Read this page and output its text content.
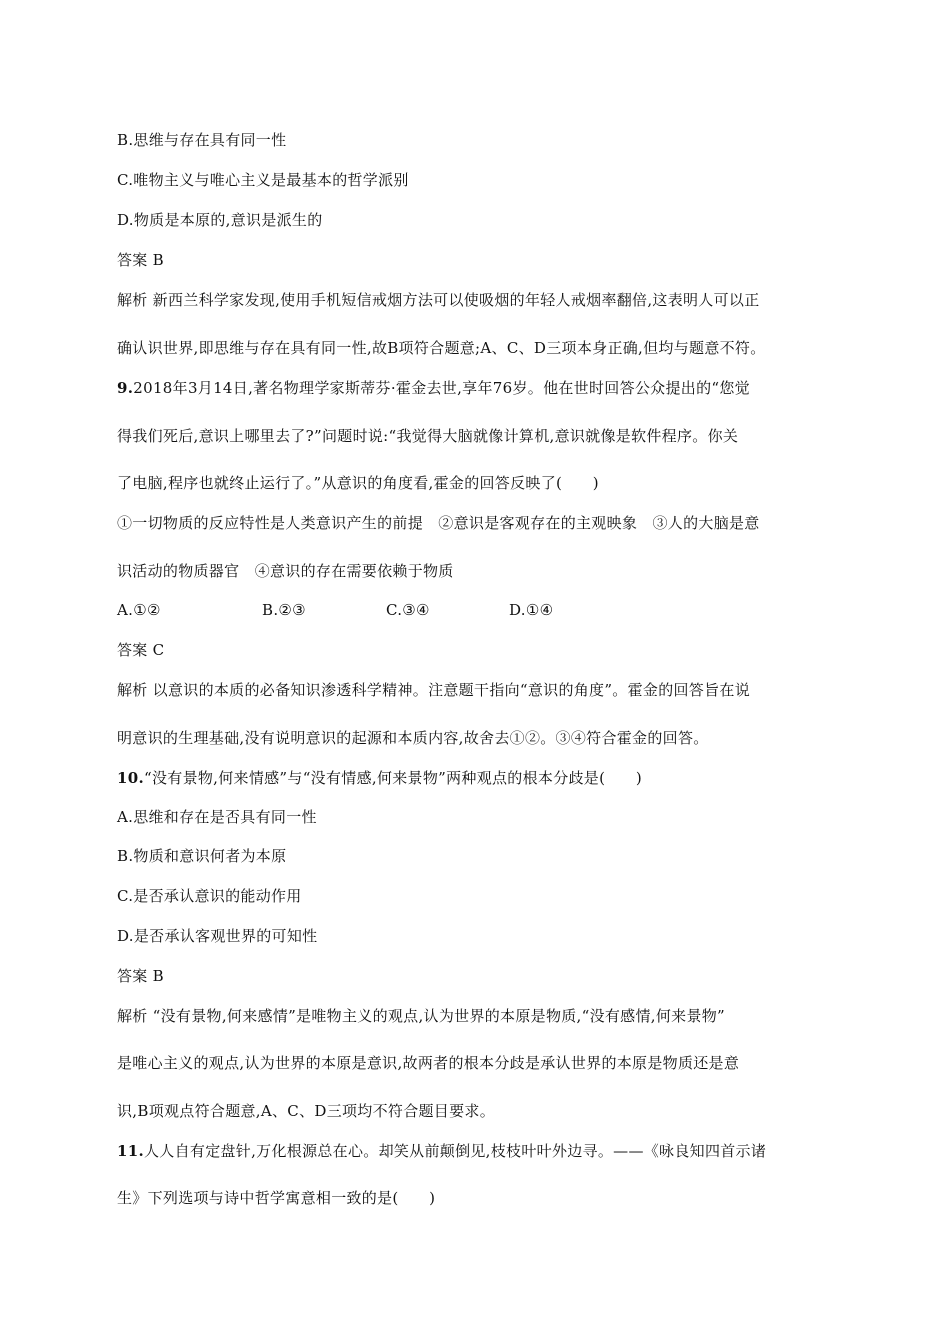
B.思维与存在具有同一性
C.唯物主义与唯心主义是最基本的哲学派别
D.物质是本原的,意识是派生的
答案 B
解析 新西兰科学家发现,使用手机短信戒烟方法可以使吸烟的年轻人戒烟率翻倍,这表明人可以正
确认识世界,即思维与存在具有同一性,故B项符合题意;A、C、D三项本身正确,但均与题意不符。
9.2018年3月14日,著名物理学家斯蒂芬·霍金去世,享年76岁。他在世时回答公众提出的“您觉
得我们死后,意识上哪里去了?”问题时说:“我觉得大脑就像计算机,意识就像是软件程序。你关
了电脑,程序也就终止运行了。”从意识的角度看,霍金的回答反映了(　　)
①一切物质的反应特性是人类意识产生的前提　②意识是客观存在的主观映象　③人的大脑是意
识活动的物质器官　④意识的存在需要依赖于物质
A.①②	B.②③	C.③④	D.①④
答案 C
解析 以意识的本质的必备知识渗透科学精神。注意题干指向“意识的角度”。霍金的回答旨在说
明意识的生理基础,没有说明意识的起源和本质内容,故舍去①②。③④符合霍金的回答。
10.“没有景物,何来情感”与“没有情感,何来景物”两种观点的根本分歧是(　　)
A.思维和存在是否具有同一性
B.物质和意识何者为本原
C.是否承认意识的能动作用
D.是否承认客观世界的可知性
答案 B
解析 “没有景物,何来感情”是唯物主义的观点,认为世界的本原是物质,“没有感情,何来景物”
是唯心主义的观点,认为世界的本原是意识,故两者的根本分歧是承认世界的本原是物质还是意
识,B项观点符合题意,A、C、D三项均不符合题目要求。
11.人人自有定盘针,万化根源总在心。却笑从前颠倒见,枝枝叶叶外边寻。——《咏良知四首示诸
生》下列选项与诗中哲学寓意相一致的是(　　)
